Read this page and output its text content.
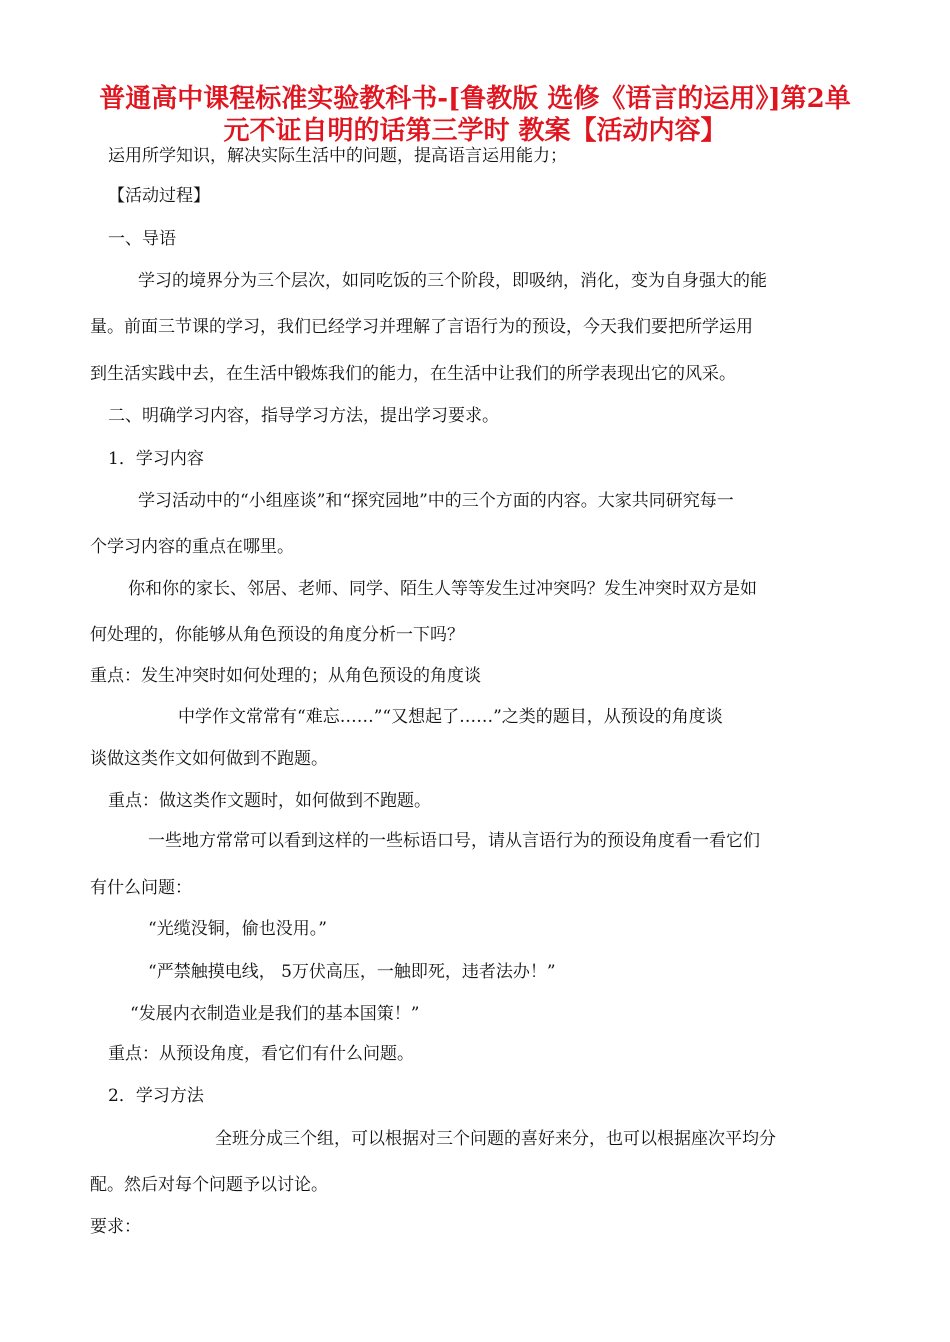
普通高中课程标准实验教科书-[鲁教版 选修《语言的运用》]第2单
元不证自明的话第三学时 教案【活动内容】
运用所学知识，解决实际生活中的问题，提高语言运用能力；
【活动过程】
一、导语
学习的境界分为三个层次，如同吃饭的三个阶段，即吸纳，消化，变为自身强大的能
量。前面三节课的学习，我们已经学习并理解了言语行为的预设，今天我们要把所学运用
到生活实践中去，在生活中锻炼我们的能力，在生活中让我们的所学表现出它的风采。
二、明确学习内容，指导学习方法，提出学习要求。
1．学习内容
学习活动中的“小组座谈”和“探究园地”中的三个方面的内容。大家共同研究每一
个学习内容的重点在哪里。
你和你的家长、邻居、老师、同学、陌生人等等发生过冲突吗？发生冲突时双方是如
何处理的，你能够从角色预设的角度分析一下吗？
重点：发生冲突时如何处理的；从角色预设的角度谈
中学作文常常有“难忘……”“又想起了……”之类的题目，从预设的角度谈
谈做这类作文如何做到不跑题。
重点：做这类作文题时，如何做到不跑题。
一些地方常常可以看到这样的一些标语口号，请从言语行为的预设角度看一看它们
有什么问题：
“光缆没铜，偷也没用。”
“严禁触摸电线， 5万伏高压，一触即死，违者法办！”
“发展内衣制造业是我们的基本国策！”
重点：从预设角度，看它们有什么问题。
2．学习方法
全班分成三个组，可以根据对三个问题的喜好来分，也可以根据座次平均分
配。然后对每个问题予以讨论。
要求：
